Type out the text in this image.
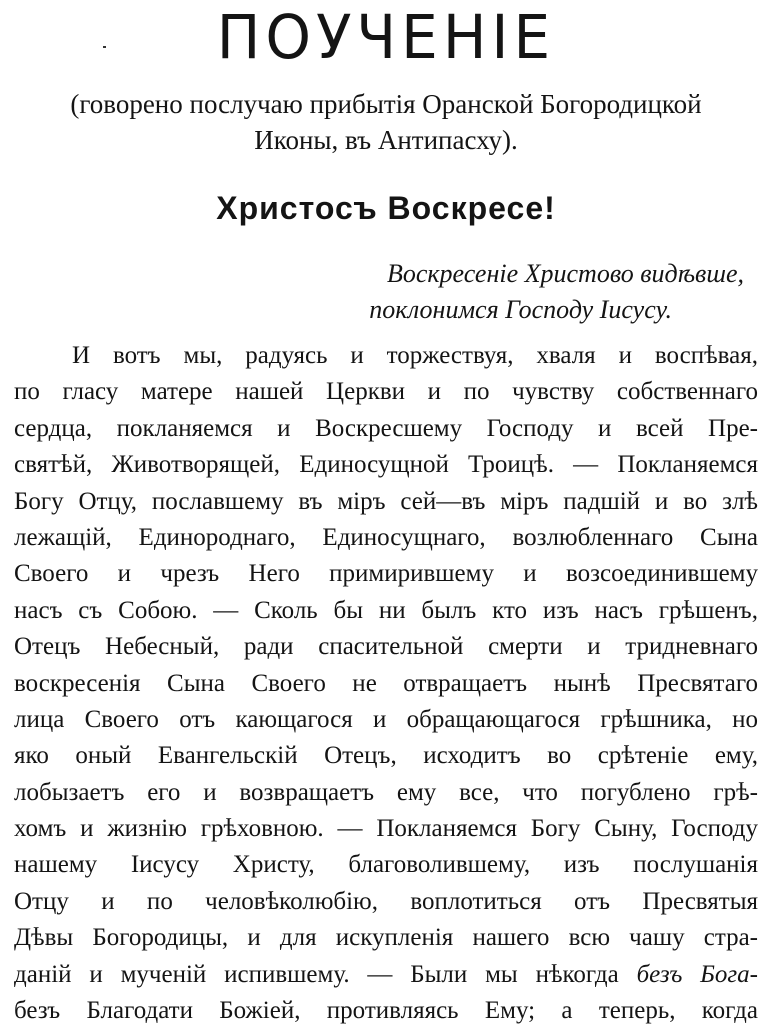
ПОУЧЕНІЕ
(говорено послучаю прибытія Оранской Богородицкой
Иконы, въ Антипасху).
Христосъ Воскресе!
Воскресеніе Христово видѣвше,
поклонимся Господу Іисусу.
И вотъ мы, радуясь и торжествуя, хваля и воспѣвая,
по гласу матере нашей Церкви и по чувству собственнаго
сердца, покланяемся и Воскресшему Господу и всей Пре-
святѣй, Животворящей, Единосущной Троицѣ. — Покланяемся
Богу Отцу, пославшему въ міръ сей—въ міръ падшій и во злѣ
лежащій, Единороднаго, Единосущнаго, возлюбленнаго Сына
Своего и чрезъ Него примирившему и возсоединившему
насъ съ Собою. — Сколь бы ни былъ кто изъ насъ грѣшенъ,
Отецъ Небесный, ради спасительной смерти и тридневнаго
воскресенія Сына Своего не отвращаетъ нынѣ Пресвятаго
лица Своего отъ кающагося и обращающагося грѣшника, но
яко оный Евангельскій Отецъ, исходитъ во срѣтеніе ему,
лобызаетъ его и возвращаетъ ему все, что погублено грѣ-
хомъ и жизнію грѣховною. — Покланяемся Богу Сыну, Господу
нашему Іисусу Христу, благоволившему, изъ послушанія
Отцу и по человѣколюбію, воплотиться отъ Пресвятыя
Дѣвы Богородицы, и для искупленія нашего всю чашу стра-
даній и мученій испившему. — Были мы нѣкогда безъ Бога-
безъ Благодати Божіей, противляясь Ему; а теперь, когда
